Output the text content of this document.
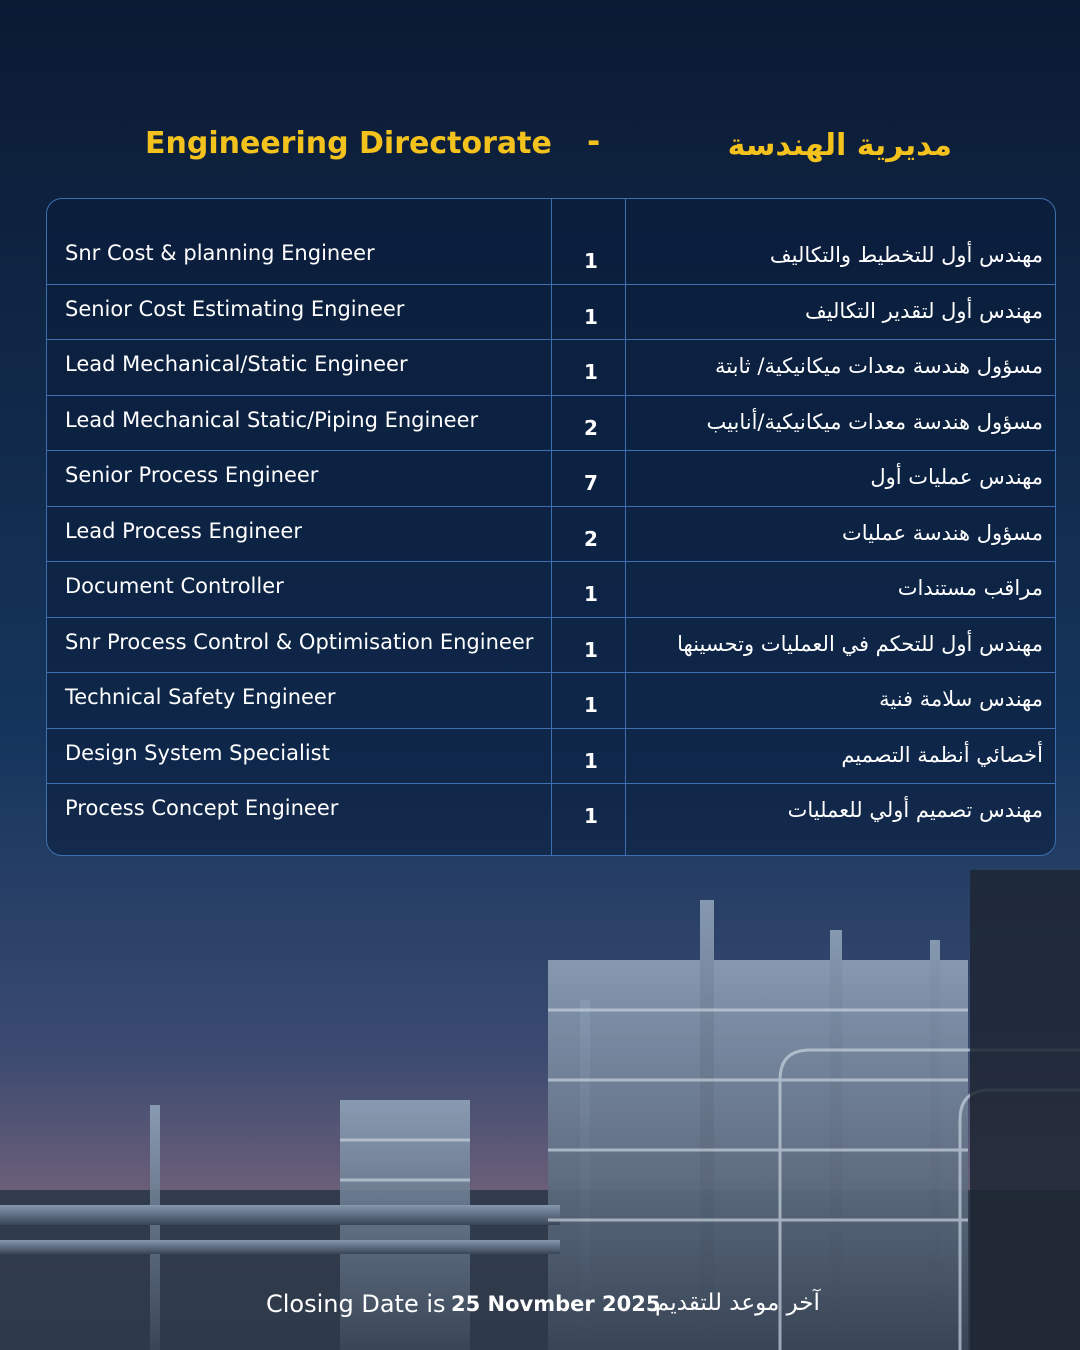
Engineering Directorate -	مديرية الهندسة
Snr Cost & planning Engineer	1	مهندس أول للتخطيط والتكاليف
Senior Cost Estimating Engineer	1	مهندس أول لتقدير التكاليف
Lead Mechanical/Static Engineer	1	مسؤول هندسة معدات ميكانيكية/ ثابتة
Lead Mechanical Static/Piping Engineer	2	مسؤول هندسة معدات ميكانيكية/أنابيب
Senior Process Engineer	7	مهندس عمليات أول
Lead Process Engineer	2	مسؤول هندسة عمليات
Document Controller	1	مراقب مستندات
Snr Process Control & Optimisation Engineer	1	مهندس أول للتحكم في العمليات وتحسينها
Technical Safety Engineer	1	مهندس سلامة فنية
Design System Specialist	1	أخصائي أنظمة التصميم
Process Concept Engineer	1	مهندس تصميم أولي للعمليات
Closing Date is 25 Novmber 2025
آخر موعد للتقديم
